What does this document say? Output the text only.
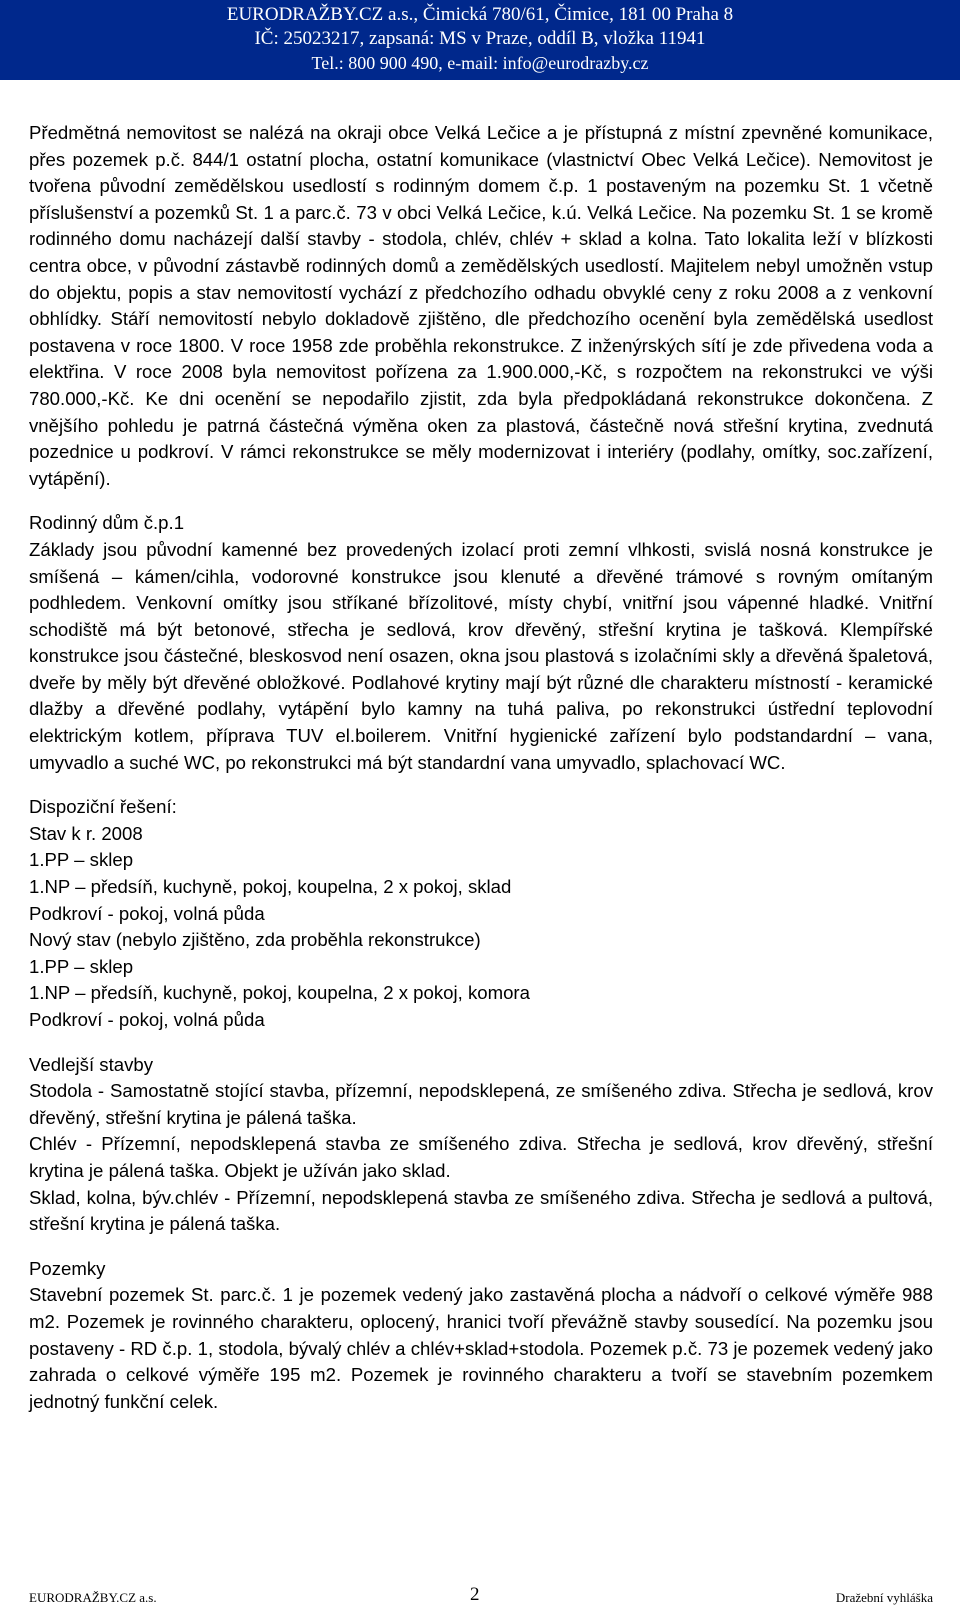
EURODRAŽBY.CZ a.s., Čimická 780/61, Čimice, 181 00 Praha 8
IČ: 25023217, zapsaná: MS v Praze, oddíl B, vložka 11941
Tel.: 800 900 490, e-mail: info@eurodrazby.cz

Předmětná nemovitost se nalézá na okraji obce Velká Lečice a je přístupná z místní zpevněné komunikace, přes pozemek p.č. 844/1 ostatní plocha, ostatní komunikace (vlastnictví Obec Velká Lečice). Nemovitost je tvořena původní zemědělskou usedlostí s rodinným domem č.p. 1 postaveným na pozemku St. 1 včetně příslušenství a pozemků St. 1 a parc.č. 73 v obci Velká Lečice, k.ú. Velká Lečice. Na pozemku St. 1 se kromě rodinného domu nacházejí další stavby - stodola, chlév, chlév + sklad a kolna. Tato lokalita leží v blízkosti centra obce, v původní zástavbě rodinných domů a zemědělských usedlostí. Majitelem nebyl umožněn vstup do objektu, popis a stav nemovitostí vychází z předchozího odhadu obvyklé ceny z roku 2008 a z venkovní obhlídky. Stáří nemovitostí nebylo dokladově zjištěno, dle předchozího ocenění byla zemědělská usedlost postavena v roce 1800. V roce 1958 zde proběhla rekonstrukce. Z inženýrských sítí je zde přivedena voda a elektřina. V roce 2008 byla nemovitost pořízena za 1.900.000,-Kč, s rozpočtem na rekonstrukci ve výši 780.000,-Kč. Ke dni ocenění se nepodařilo zjistit, zda byla předpokládaná rekonstrukce dokončena. Z vnějšího pohledu je patrná částečná výměna oken za plastová, částečně nová střešní krytina, zvednutá pozednice u podkroví. V rámci rekonstrukce se měly modernizovat i interiéry (podlahy, omítky, soc.zařízení, vytápění).

Rodinný dům č.p.1

Základy jsou původní kamenné bez provedených izolací proti zemní vlhkosti, svislá nosná konstrukce je smíšená – kámen/cihla, vodorovné konstrukce jsou klenuté a dřevěné trámové s rovným omítaným podhledem. Venkovní omítky jsou stříkané břízolitové, místy chybí, vnitřní jsou vápenné hladké. Vnitřní schodiště má být betonové, střecha je sedlová, krov dřevěný, střešní krytina je tašková. Klempířské konstrukce jsou částečné, bleskosvod není osazen, okna jsou plastová s izolačními skly a dřevěná špaletová, dveře by měly být dřevěné obložkové. Podlahové krytiny mají být různé dle charakteru místností - keramické dlažby a dřevěné podlahy, vytápění bylo kamny na tuhá paliva, po rekonstrukci ústřední teplovodní elektrickým kotlem, příprava TUV el.boilerem. Vnitřní hygienické zařízení bylo podstandardní – vana, umyvadlo a suché WC, po rekonstrukci má být standardní vana umyvadlo, splachovací WC.

Dispoziční řešení:

Stav k r. 2008

1.PP – sklep

1.NP – předsíň, kuchyně, pokoj, koupelna, 2 x pokoj, sklad

Podkroví - pokoj, volná půda

Nový stav (nebylo zjištěno, zda proběhla rekonstrukce)

1.PP – sklep

1.NP – předsíň, kuchyně, pokoj, koupelna, 2 x pokoj, komora

Podkroví - pokoj, volná půda

Vedlejší stavby

Stodola - Samostatně stojící stavba, přízemní, nepodsklepená, ze smíšeného zdiva. Střecha je sedlová, krov dřevěný, střešní krytina je pálená taška.

Chlév - Přízemní, nepodsklepená stavba ze smíšeného zdiva. Střecha je sedlová, krov dřevěný, střešní krytina je pálená taška. Objekt je užíván jako sklad.

Sklad, kolna, býv.chlév - Přízemní, nepodsklepená stavba ze smíšeného zdiva. Střecha je sedlová a pultová, střešní krytina je pálená taška.

Pozemky

Stavební pozemek St. parc.č. 1 je pozemek vedený jako zastavěná plocha a nádvoří o celkové výměře 988 m2. Pozemek je rovinného charakteru, oplocený, hranici tvoří převážně stavby sousedící. Na pozemku jsou postaveny - RD č.p. 1, stodola, bývalý chlév a chlév+sklad+stodola. Pozemek p.č. 73 je pozemek vedený jako zahrada o celkové výměře 195 m2. Pozemek je rovinného charakteru a tvoří se stavebním pozemkem jednotný funkční celek.

EURODRAŽBY.CZ a.s.	2	Dražební vyhláška
